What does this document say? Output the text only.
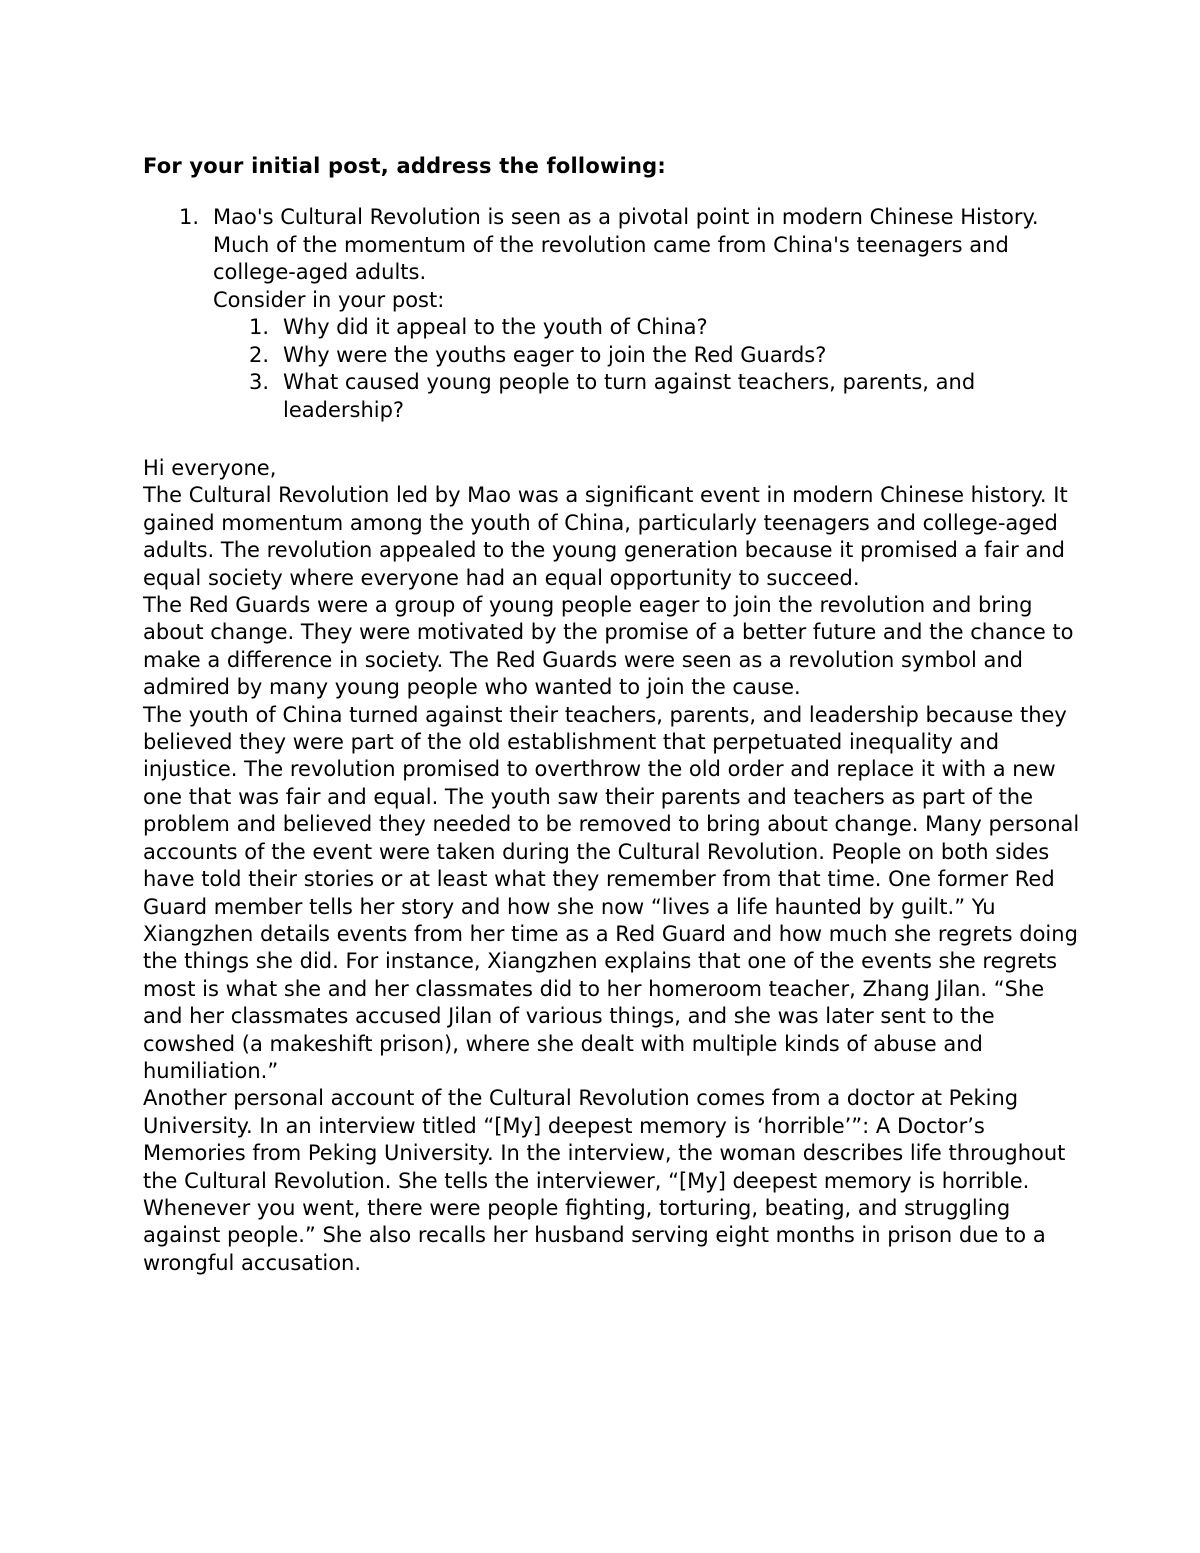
For your initial post, address the following:
1. Mao's Cultural Revolution is seen as a pivotal point in modern Chinese History. Much of the momentum of the revolution came from China's teenagers and college-aged adults.
Consider in your post:
1. Why did it appeal to the youth of China?
2. Why were the youths eager to join the Red Guards?
3. What caused young people to turn against teachers, parents, and leadership?

Hi everyone,

The Cultural Revolution led by Mao was a significant event in modern Chinese history. It gained momentum among the youth of China, particularly teenagers and college-aged adults. The revolution appealed to the young generation because it promised a fair and equal society where everyone had an equal opportunity to succeed.

The Red Guards were a group of young people eager to join the revolution and bring about change. They were motivated by the promise of a better future and the chance to make a difference in society. The Red Guards were seen as a revolution symbol and admired by many young people who wanted to join the cause.

The youth of China turned against their teachers, parents, and leadership because they believed they were part of the old establishment that perpetuated inequality and injustice. The revolution promised to overthrow the old order and replace it with a new one that was fair and equal. The youth saw their parents and teachers as part of the problem and believed they needed to be removed to bring about change. Many personal accounts of the event were taken during the Cultural Revolution. People on both sides have told their stories or at least what they remember from that time. One former Red Guard member tells her story and how she now “lives a life haunted by guilt.” Yu Xiangzhen details events from her time as a Red Guard and how much she regrets doing the things she did. For instance, Xiangzhen explains that one of the events she regrets most is what she and her classmates did to her homeroom teacher, Zhang Jilan. “She and her classmates accused Jilan of various things, and she was later sent to the cowshed (a makeshift prison), where she dealt with multiple kinds of abuse and humiliation.”

Another personal account of the Cultural Revolution comes from a doctor at Peking University. In an interview titled “[My] deepest memory is ‘horrible’”: A Doctor’s Memories from Peking University. In the interview, the woman describes life throughout the Cultural Revolution. She tells the interviewer, “[My] deepest memory is horrible. Whenever you went, there were people fighting, torturing, beating, and struggling against people.” She also recalls her husband serving eight months in prison due to a wrongful accusation.
